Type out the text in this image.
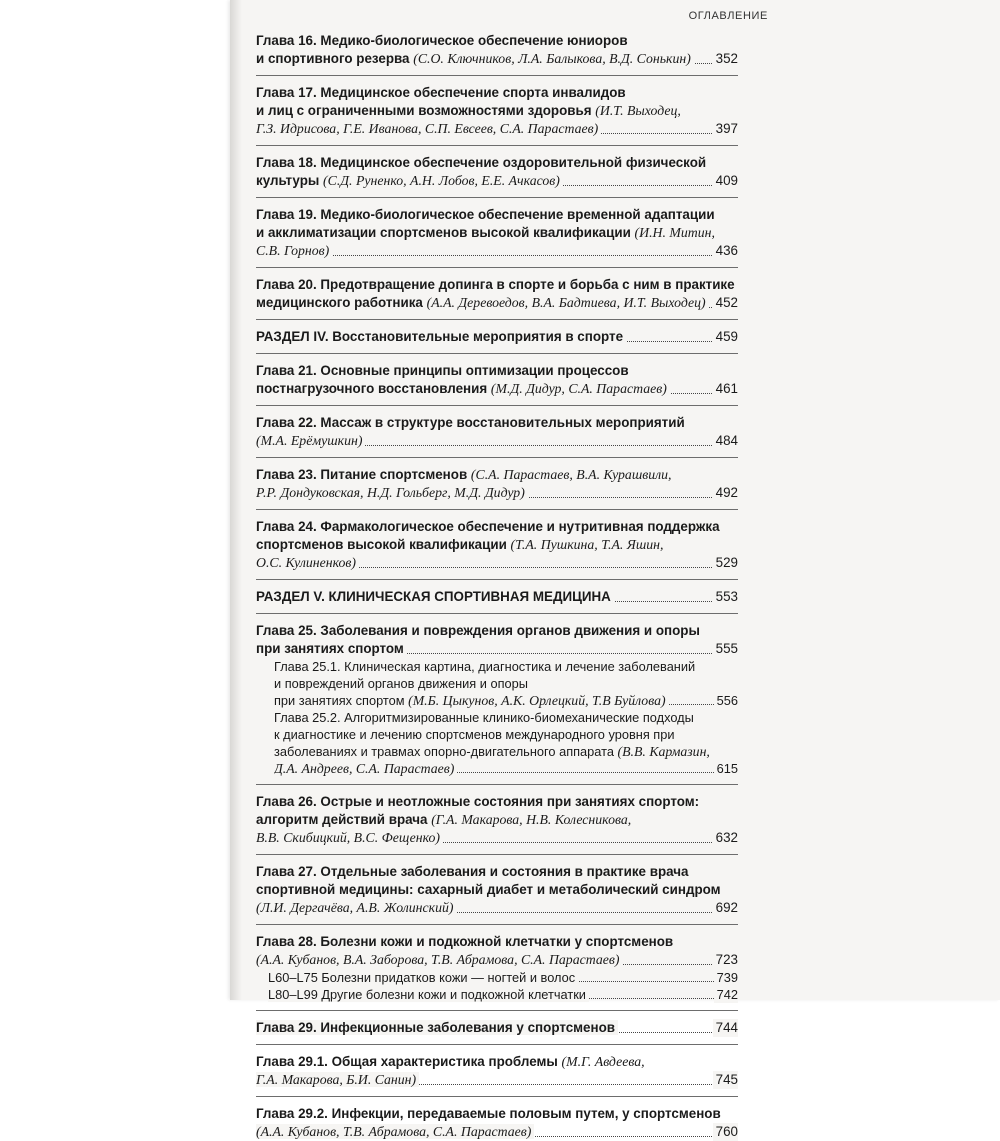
ОГЛАВЛЕНИЕ
Глава 16. Медико-биологическое обеспечение юниоров
и спортивного резерва (С.О. Ключников, Л.А. Балыкова, В.Д. Сонькин) 352
Глава 17. Медицинское обеспечение спорта инвалидов
и лиц с ограниченными возможностями здоровья (И.Т. Выходец,
Г.З. Идрисова, Г.Е. Иванова, С.П. Евсеев, С.А. Парастаев)	397
Глава 18. Медицинское обеспечение оздоровительной физической
культуры (С.Д. Руненко, А.Н. Лобов, Е.Е. Ачкасов)	409
Глава 19. Медико-биологическое обеспечение временной адаптации
и акклиматизации спортсменов высокой квалификации (И.Н. Митин,
С.В. Горнов)	436
Глава 20. Предотвращение допинга в спорте и борьба с ним в практике
медицинского работника (А.А. Деревоедов, В.А. Бадтиева, И.Т. Выходец) 452
РАЗДЕЛ IV. Восстановительные мероприятия в спорте	459
Глава 21. Основные принципы оптимизации процессов
постнагрузочного восстановления (М.Д. Дидур, С.А. Парастаев)	461
Глава 22. Массаж в структуре восстановительных мероприятий
(М.А. Ерёмушкин)	484
Глава 23. Питание спортсменов (С.А. Парастаев, В.А. Курашвили,
Р.Р. Дондуковская, Н.Д. Гольберг, М.Д. Дидур)	492
Глава 24. Фармакологическое обеспечение и нутритивная поддержка
спортсменов высокой квалификации (Т.А. Пушкина, Т.А. Яшин,
О.С. Кулиненков)	529
РАЗДЕЛ V. КЛИНИЧЕСКАЯ СПОРТИВНАЯ МЕДИЦИНА	553
Глава 25. Заболевания и повреждения органов движения и опоры
при занятиях спортом	555
Глава 25.1. Клиническая картина, диагностика и лечение заболеваний
и повреждений органов движения и опоры
при занятиях спортом (М.Б. Цыкунов, А.К. Орлецкий, Т.В Буйлова)	556
Глава 25.2. Алгоритмизированные клинико-биомеханические подходы
к диагностике и лечению спортсменов международного уровня при
заболеваниях и травмах опорно-двигательного аппарата (В.В. Кармазин,
Д.А. Андреев, С.А. Парастаев)	615
Глава 26. Острые и неотложные состояния при занятиях спортом:
алгоритм действий врача (Г.А. Макарова, Н.В. Колесникова,
В.В. Скибицкий, В.С. Фещенко)	632
Глава 27. Отдельные заболевания и состояния в практике врача
спортивной медицины: сахарный диабет и метаболический синдром
(Л.И. Дергачёва, А.В. Жолинский)	692
Глава 28. Болезни кожи и подкожной клетчатки у спортсменов
(А.А. Кубанов, В.А. Заборова, Т.В. Абрамова, С.А. Парастаев)	723
L60–L75 Болезни придатков кожи — ногтей и волос	739
L80–L99 Другие болезни кожи и подкожной клетчатки	742
Глава 29. Инфекционные заболевания у спортсменов	744
Глава 29.1. Общая характеристика проблемы (М.Г. Авдеева,
Г.А. Макарова, Б.И. Санин)	745
Глава 29.2. Инфекции, передаваемые половым путем, у спортсменов
(А.А. Кубанов, Т.В. Абрамова, С.А. Парастаев)	760
